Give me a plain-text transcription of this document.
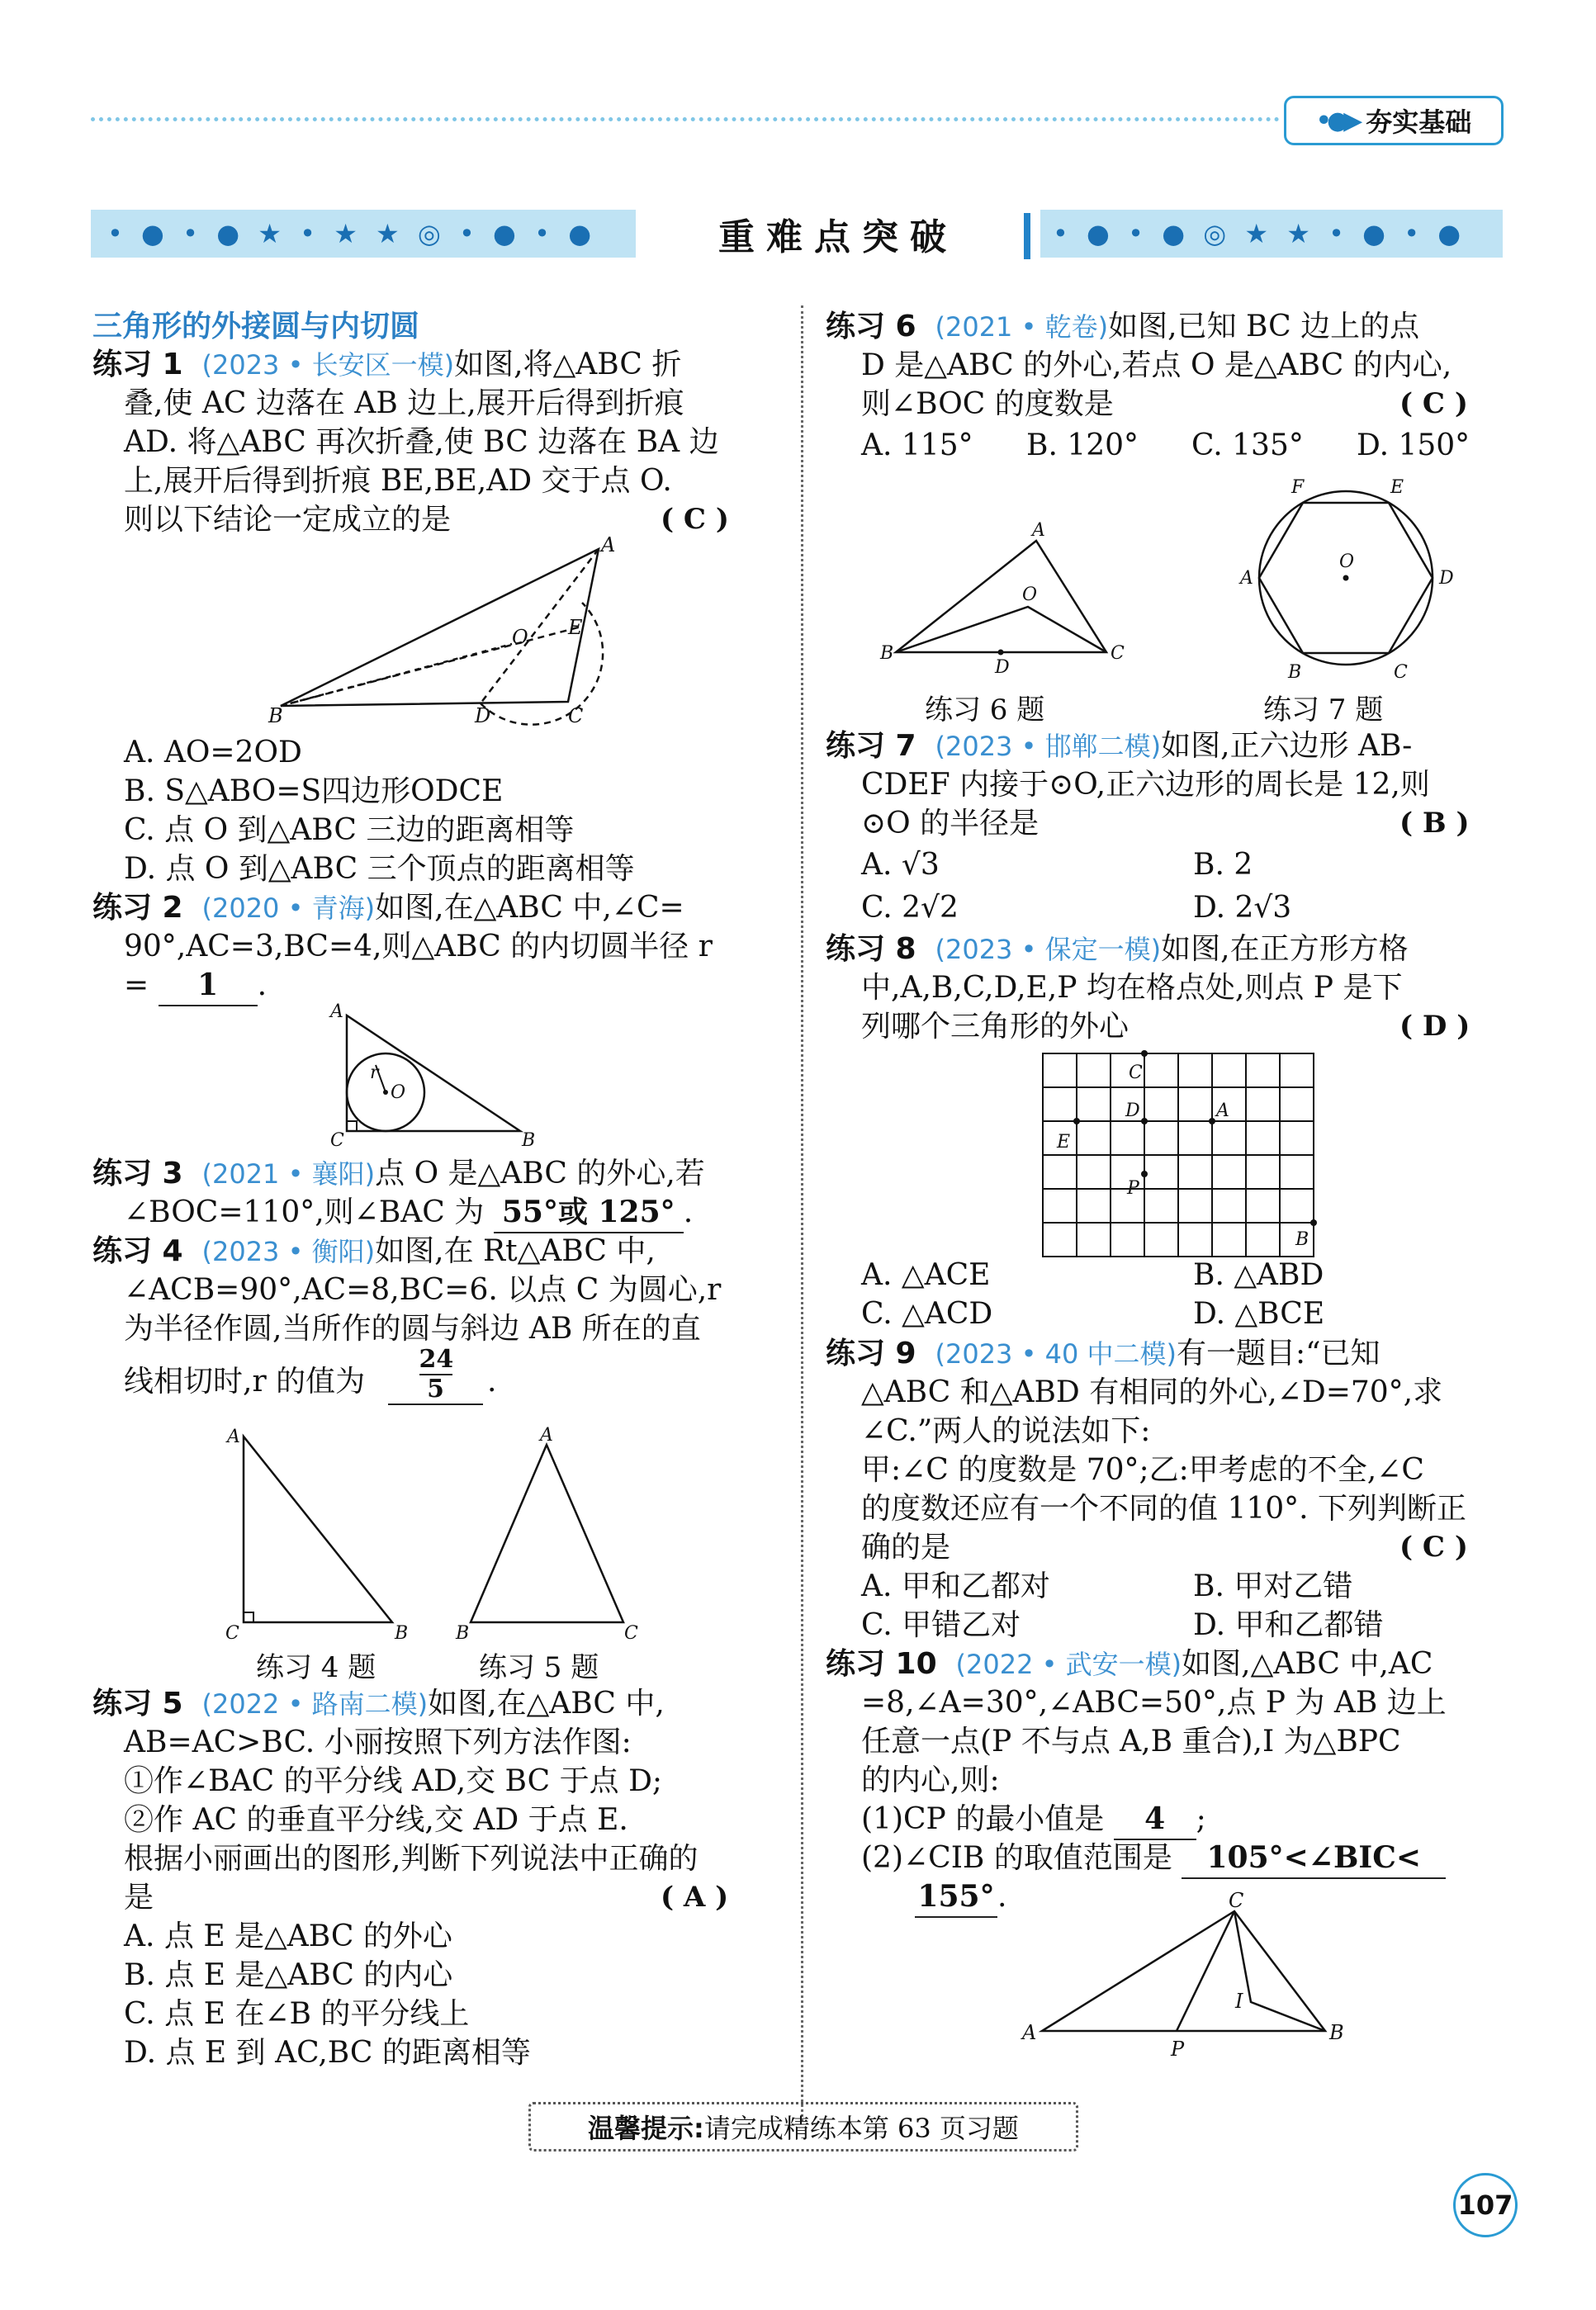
•●▶ 夯实基础
• ● • ● ★ • ★ ★ ◎ • ● • ●	重难点突破	• ● • ● ◎ ★ ★ • ● • ●
三角形的外接圆与内切圆
练习 1 (2023 • 长安区一模)如图,将△ABC 折
叠,使 AC 边落在 AB 边上,展开后得到折痕
AD. 将△ABC 再次折叠,使 BC 边落在 BA 边
上,展开后得到折痕 BE,BE,AD 交于点 O.
则以下结论一定成立的是	( C )
A
B	C
D
O E
A. AO=2OD
B. S△ABO=S四边形ODCE
C. 点 O 到△ABC 三边的距离相等
D. 点 O 到△ABC 三个顶点的距离相等
练习 2 (2020 • 青海)如图,在△ABC 中,∠C=
90°,AC=3,BC=4,则△ABC 的内切圆半径 r
= 1 .
A
C	B
r
O
练习 3 (2021 • 襄阳)点 O 是△ABC 的外心,若
∠BOC=110°,则∠BAC 为 55°或 125° .
练习 4 (2023 • 衡阳)如图,在 Rt△ABC 中,
∠ACB=90°,AC=8,BC=6. 以点 C 为圆心,r
为半径作圆,当所作的圆与斜边 AB 所在的直
线相切时,r 的值为 $\frac{24}{5}$ .
A
C	B
A
B	C
练习 4 题	练习 5 题
练习 5 (2022 • 路南二模)如图,在△ABC 中,
AB=AC>BC. 小丽按照下列方法作图:
①作∠BAC 的平分线 AD,交 BC 于点 D;
②作 AC 的垂直平分线,交 AD 于点 E.
根据小丽画出的图形,判断下列说法中正确的
是	( A )
A. 点 E 是△ABC 的外心
B. 点 E 是△ABC 的内心
C. 点 E 在∠B 的平分线上
D. 点 E 到 AC,BC 的距离相等
练习 6 (2021 • 乾卷)如图,已知 BC 边上的点
D 是△ABC 的外心,若点 O 是△ABC 的内心,
则∠BOC 的度数是	( C )
A. 115° B. 120° C. 135° D. 150°
A
O
B
D
C
F	E
O
A	D
B	C
练习 6 题	练习 7 题
练习 7 (2023 • 邯郸二模)如图,正六边形 AB-
CDEF 内接于⊙O,正六边形的周长是 12,则
⊙O 的半径是	( B )
A. √3	B. 2
C. 2√2	D. 2√3
练习 8 (2023 • 保定一模)如图,在正方形方格
中,A,B,C,D,E,P 均在格点处,则点 P 是下
列哪个三角形的外心	( D )
C
D	A
E
P
B
A. △ACE	B. △ABD
C. △ACD	D. △BCE
练习 9 (2023 • 40 中二模)有一题目:“已知
△ABC 和△ABD 有相同的外心,∠D=70°,求
∠C.”两人的说法如下:
甲:∠C 的度数是 70°;乙:甲考虑的不全,∠C
的度数还应有一个不同的值 110°. 下列判断正
确的是	( C )
A. 甲和乙都对	B. 甲对乙错
C. 甲错乙对	D. 甲和乙都错
练习 10 (2022 • 武安一模)如图,△ABC 中,AC
=8,∠A=30°,∠ABC=50°,点 P 为 AB 边上
任意一点(P 不与点 A,B 重合),I 为△BPC
的内心,则:
(1)CP 的最小值是 4 ;
(2)∠CIB 的取值范围是 105°<∠BIC<
155°.	C
I
A
P
B
温馨提示: 请完成精练本第 63 页习题
107
